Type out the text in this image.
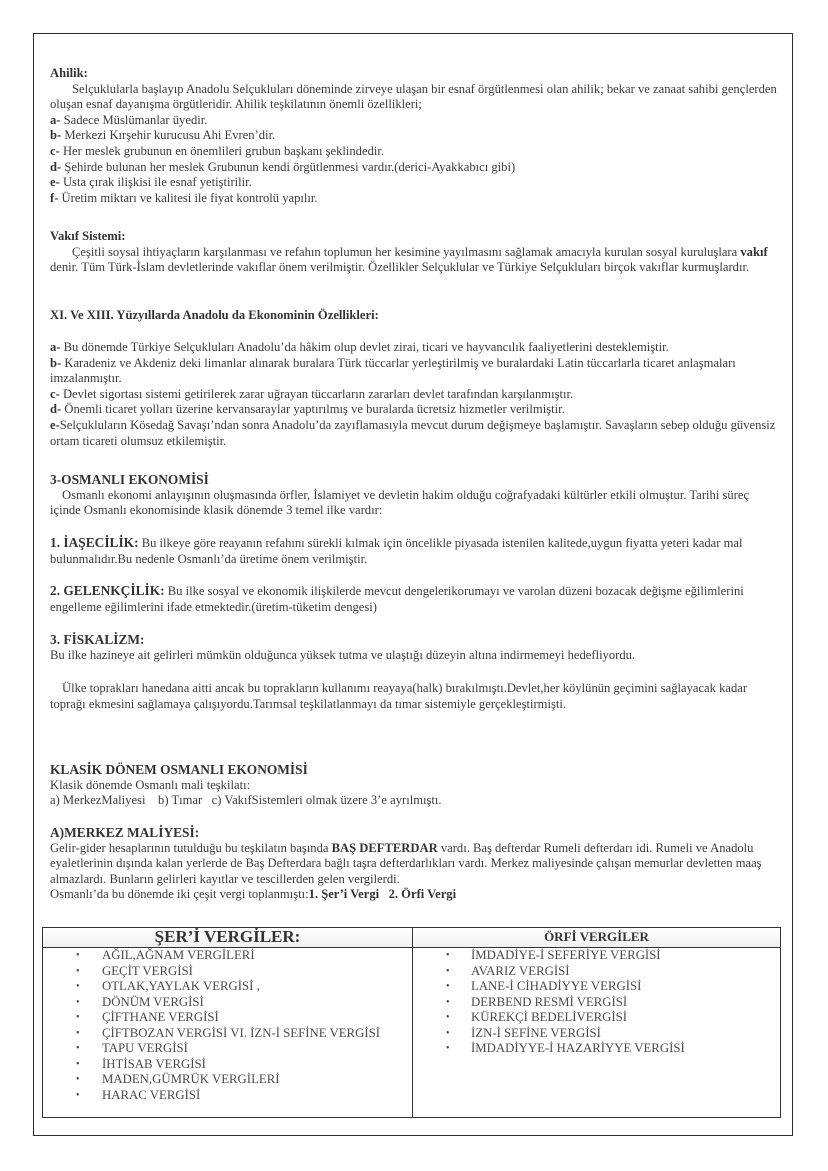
Ahilik:

Selçuklularla başlayıp Anadolu Selçukluları döneminde zirveye ulaşan bir esnaf örgütlenmesi olan ahilik; bekar ve zanaat sahibi gençlerden oluşan esnaf dayanışma örgütleridir. Ahilik teşkilatının önemli özellikleri;

a- Sadece Müslümanlar üyedir.

b- Merkezi Kırşehir kurucusu Ahi Evren’dir.

c- Her meslek grubunun en önemlileri grubun başkanı şeklindedir.

d- Şehirde bulunan her meslek Grubunun kendi örgütlenmesi vardır.(derici-Ayakkabıcı gibi)

e- Usta çırak ilişkisi ile esnaf yetiştirilir.

f- Üretim miktarı ve kalitesi ile fiyat kontrolü yapılır.

Vakıf Sistemi:

Çeşitli soysal ihtiyaçların karşılanması ve refahın toplumun her kesimine yayılmasını sağlamak amacıyla kurulan sosyal kuruluşlara vakıf denir. Tüm Türk-İslam devletlerinde vakıflar önem verilmiştir. Özellikler Selçuklular ve Türkiye Selçukluları birçok vakıflar kurmuşlardır.

XI. Ve XIII. Yüzyıllarda Anadolu da Ekonominin Özellikleri:

a- Bu dönemde Türkiye Selçukluları Anadolu’da hâkim olup devlet zirai, ticari ve hayvancılık faaliyetlerini desteklemiştir.

b- Karadeniz ve Akdeniz deki limanlar alınarak buralara Türk tüccarlar yerleştirilmiş ve buralardaki Latin tüccarlarla ticaret anlaşmaları imzalanmıştır.

c- Devlet sigortası sistemi getirilerek zarar uğrayan tüccarların zararları devlet tarafından karşılanmıştır.

d- Önemli ticaret yolları üzerine kervansaraylar yaptırılmış ve buralarda ücretsiz hizmetler verilmiştir.

e-Selçukluların Kösedağ Savaşı’ndan sonra Anadolu’da zayıflamasıyla mevcut durum değişmeye başlamıştır. Savaşların sebep olduğu güvensiz ortam ticareti olumsuz etkilemiştir.

3-OSMANLI EKONOMİSİ

Osmanlı ekonomi anlayışının oluşmasında örfler, İslamiyet ve devletin hakim olduğu coğrafyadaki kültürler etkili olmuştur. Tarihi süreç içinde Osmanlı ekonomisinde klasik dönemde 3 temel ilke vardır:

1. İAŞECİLİK: Bu ilkeye göre reayanın refahını sürekli kılmak için öncelikle piyasada istenilen kalitede,uygun fiyatta yeteri kadar mal bulunmalıdır.Bu nedenle Osmanlı’da üretime önem verilmiştir.

2. GELENKÇİLİK: Bu ilke sosyal ve ekonomik ilişkilerde mevcut dengelerikorumayı ve varolan düzeni bozacak değişme eğilimlerini engelleme eğilimlerini ifade etmektedir.(üretim-tüketim dengesi)

3. FİSKALİZM:

Bu ilke hazineye ait gelirleri mümkün olduğunca yüksek tutma ve ulaştığı düzeyin altına indirmemeyi hedefliyordu.

Ülke toprakları hanedana aitti ancak bu toprakların kullanımı reayaya(halk) bırakılmıştı.Devlet,her köylünün geçimini sağlayacak kadar toprağı ekmesini sağlamaya çalışıyordu.Tarımsal teşkilatlanmayı da tımar sistemiyle gerçekleştirmişti.

KLASİK DÖNEM OSMANLI EKONOMİSİ

Klasik dönemde Osmanlı mali teşkilatı:

a) MerkezMaliyesi    b) Tımar   c) VakıfSistemleri olmak üzere 3’e ayrılmıştı.

A)MERKEZ MALİYESİ:

Gelir-gider hesaplarının tutulduğu bu teşkilatın başında BAŞ DEFTERDAR vardı. Baş defterdar Rumeli defterdarı idi. Rumeli ve Anadolu eyaletlerinin dışında kalan yerlerde de Baş Defterdara bağlı taşra defterdarlıkları vardı. Merkez maliyesinde çalışan memurlar devletten maaş almazlardı. Bunların gelirleri kayıtlar ve tescillerden gelen vergilerdi.

Osmanlı’da bu dönemde iki çeşit vergi toplanmıştı:1. Şer’i Vergi   2. Örfi Vergi

ŞER’İ VERGİLER:
• AĞIL,AĞNAM VERGİLERİ
• GEÇİT VERGİSİ
• OTLAK,YAYLAK VERGİSİ ,
• DÖNÜM VERGİSİ
• ÇİFTHANE VERGİSİ
• ÇİFTBOZAN VERGİSİ VI. İZN-İ SEFİNE VERGİSİ
• TAPU VERGİSİ
• İHTİSAB VERGİSİ
• MADEN,GÜMRÜK VERGİLERİ
• HARAC VERGİSİ
ÖRFİ VERGİLER
• İMDADİYE-İ SEFERİYE VERGİSİ
• AVARIZ VERGİSİ
• LANE-İ CİHADİYYE VERGİSİ
• DERBEND RESMİ VERGİSİ
• KÜREKÇİ BEDELİVERGİSİ
• İZN-İ SEFİNE VERGİSİ
• İMDADİYYE-İ HAZARİYYE VERGİSİ
